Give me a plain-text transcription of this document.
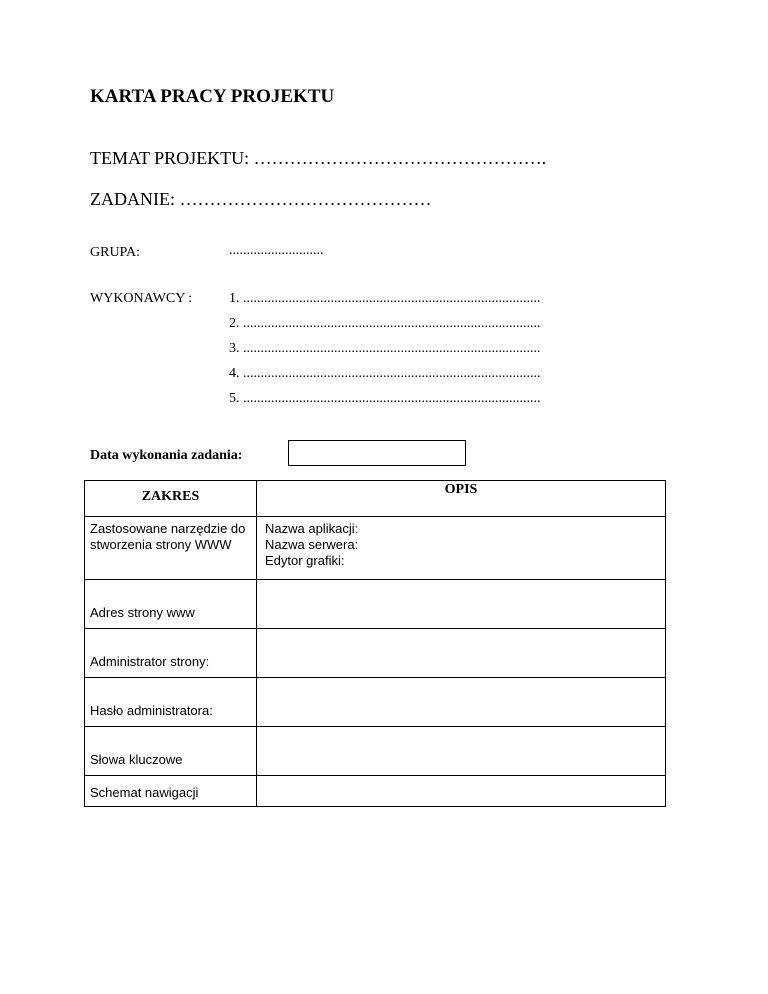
KARTA PRACY PROJEKTU
TEMAT PROJEKTU: ………………………………………….
ZADANIE: ……………………………………
GRUPA:	...........................
WYKONAWCY :	1. .....................................................................................
2. .....................................................................................
3. .....................................................................................
4. .....................................................................................
5. .....................................................................................
Data wykonania zadania:
ZAKRES	OPIS

Zastosowane narzędzie do stworzenia strony WWW	Nazwa aplikacji:
Nazwa serwera:
Edytor grafiki:

Adres strony www	

Administrator strony:	

Hasło administratora:	

Słowa kluczowe	

Schemat nawigacji	
